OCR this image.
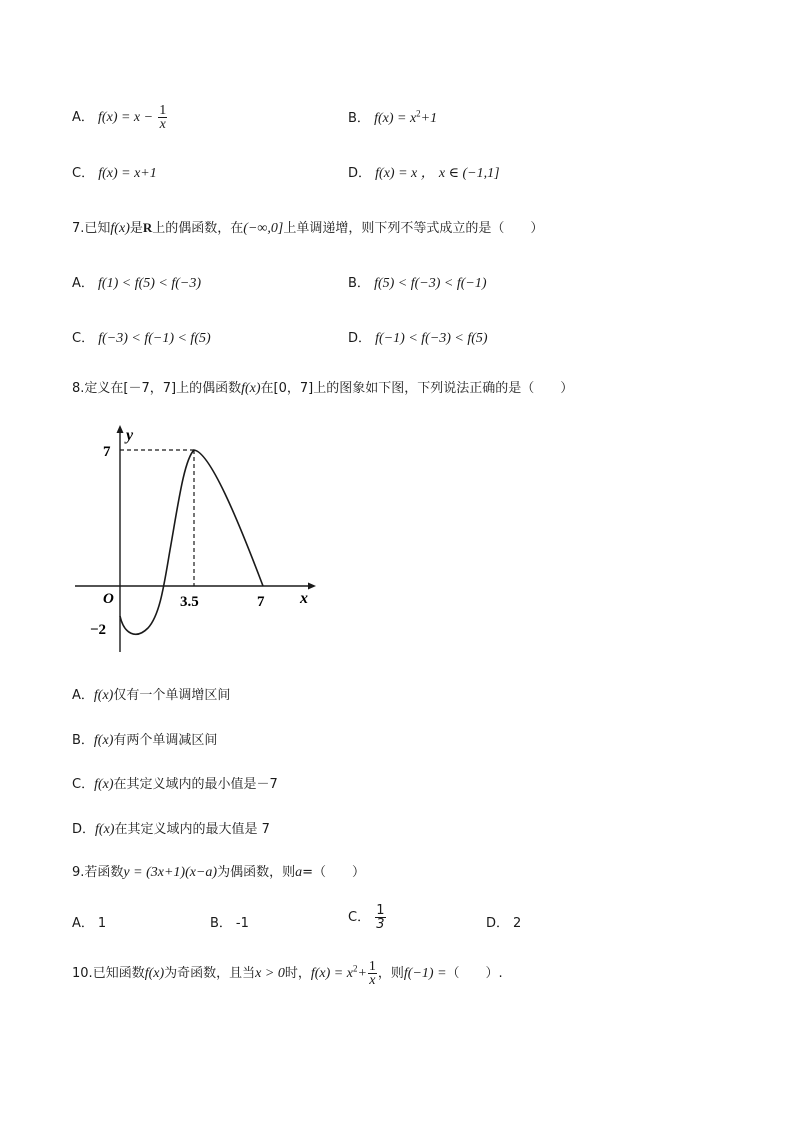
A． $f(x) = x - \frac{1}{x}$	B． $f(x) = x^2+1$
C． f(x) = x+1	D． f(x) = x ， x ∈ (−1,1]
7.已知f(x)是R上的偶函数，在(−∞,0]上单调递增，则下列不等式成立的是（　　）
A． f(1) < f(5) < f(−3)	B． f(5) < f(−3) < f(−1)
C． f(−3) < f(−1) < f(5)	D． f(−1) < f(−3) < f(5)
8.定义在[－7，7]上的偶函数f(x)在[0，7]上的图象如下图，下列说法正确的是（　　）
y
7
O	3.5	7 x
−2
A．f(x)仅有一个单调增区间
B．f(x)有两个单调减区间
C．f(x)在其定义域内的最小值是－7
D．f(x)在其定义域内的最大值是 7
9.若函数y = (3x+1)(x−a)为偶函数，则a=（　　）
A． 1	B． -1	C． $\frac{1}{3}$	D． 2
10.已知函数f(x)为奇函数，且当x > 0时，$f(x) = x^2+ \frac{1}{x}$ ，则f(−1) =（　　）.
